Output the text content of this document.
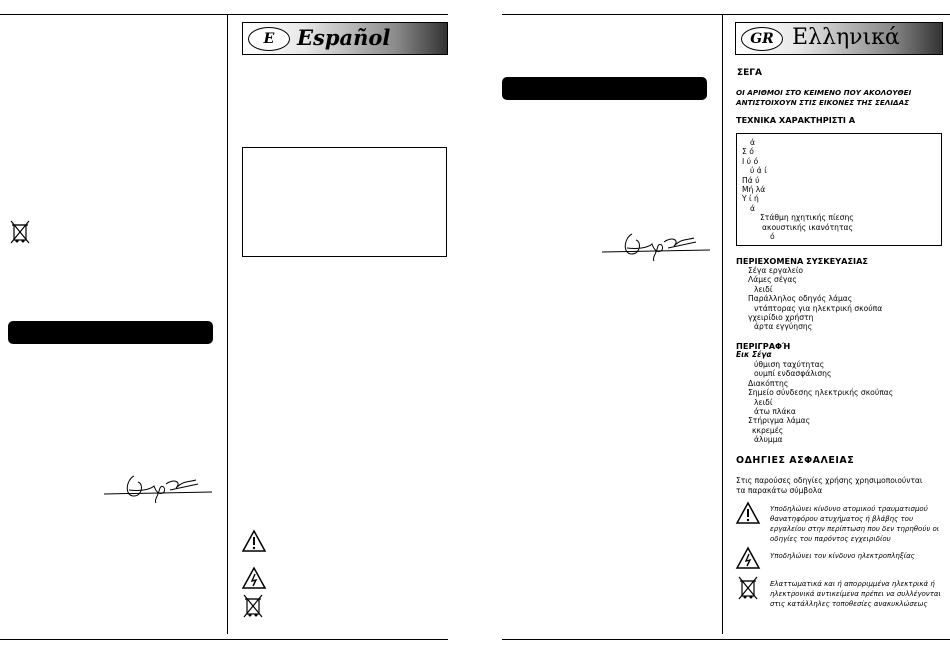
E	Español	GR Ελληνικά
ΣΕΓΑ
ΟΙ ΑΡΙΘΜΟΙ ΣΤΟ ΚΕΙΜΕΝΟ ΠΟΥ ΑΚΟΛΟΥΘΕΙ
ΑΝΤΙΣΤΟΙΧΟΥΝ ΣΤΙΣ ΕΙΚΟΝΕΣ ΤΗΣ ΣΕΛΙΔΑΣ
ΤΕΧΝΙΚΑ ΧΑΡΑΚΤΗΡΙΣΤΙ Α
ά
Σ ό
Ι ύ ό
ύ ά ί
Πά ύ
Μή λά
Υ ί ή
ά
Στάθμη ηχητικής πίεσης
ακουστικής ικανότητας
ό
ΠΕΡΙΕΧΟΜΕΝΑ ΣΥΣΚΕΥΑΣΙΑΣ
Σέγα εργαλείο
Λάμες σέγας
λειδί
Παράλληλος οδηγός λάμας
ντάπτορας για ηλεκτρική σκούπα
γχειρίδιο χρήστη
άρτα εγγύησης
ΠΕΡΙΓΡΑΦΉ
Εικ Σέγα
ύθμιση ταχύτητας
ουμπί ενδασφάλισης
Διακόπτης
Σημείο σύνδεσης ηλεκτρικής σκούπας
λειδί
άτω πλάκα
Στήριγμα λάμας
κκρεμές
άλυμμα
ΟΔΗΓΙΕΣ ΑΣΦΑΛΕΙΑΣ
Στις παρούσες οδηγίες χρήσης χρησιμοποιούνται
τα παρακάτω σύμβολα
Υποδηλώνει κίνδυνο ατομικού τραυματισμού
θανατηφόρου ατυχήματος ή βλάβης του
εργαλείου στην περίπτωση που δεν τηρηθούν οι
οδηγίες του παρόντος εγχειριδίου
Υποδηλώνει τον κίνδυνο ηλεκτροπληξίας
Ελαττωματικά και ή απορριμμένα ηλεκτρικά ή
ηλεκτρονικά αντικείμενα πρέπει να συλλέγονται
στις κατάλληλες τοποθεσίες ανακυκλώσεως
